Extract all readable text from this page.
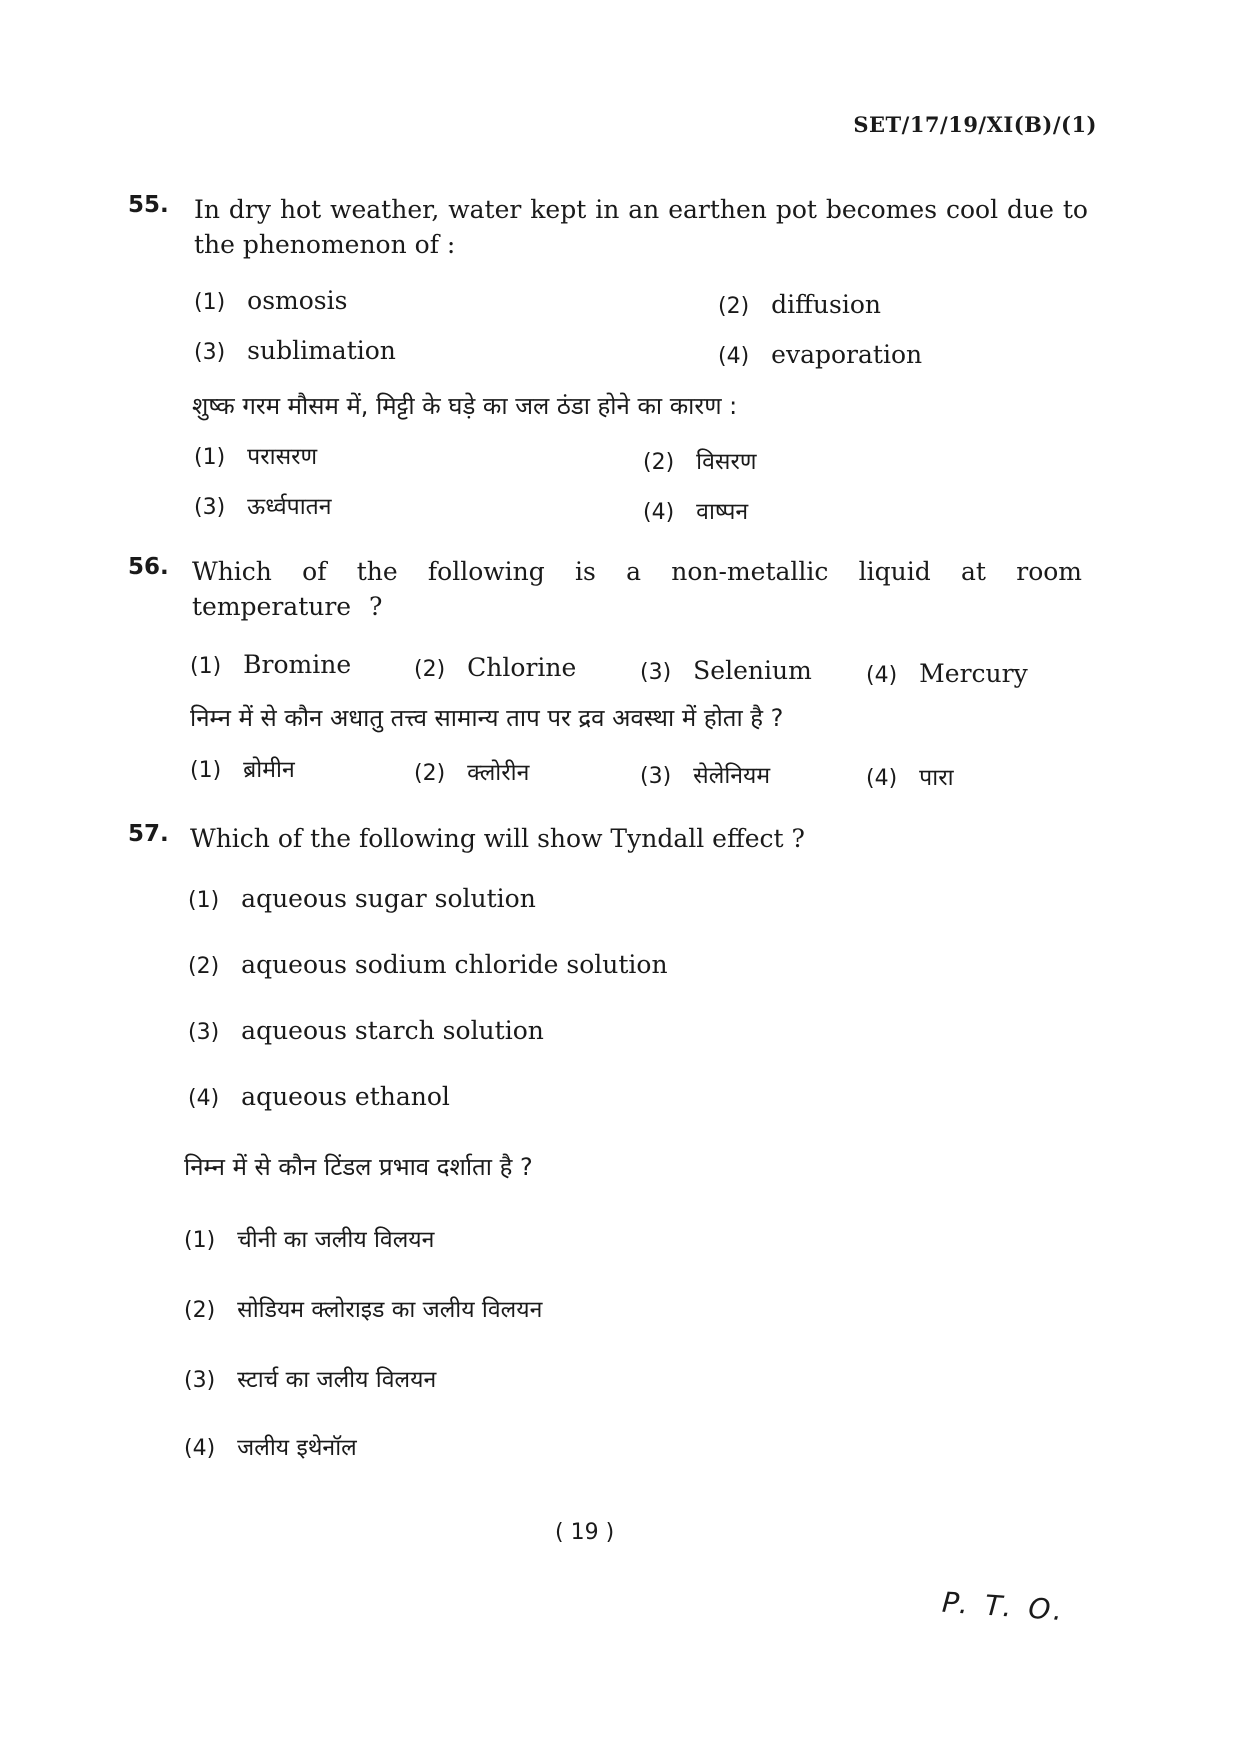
SET/17/19/XI(B)/(1)
55. In dry hot weather, water kept in an earthen pot becomes cool due to the phenomenon of :
(1) osmosis	(2) diffusion
(3) sublimation	(4) evaporation
शुष्क गरम मौसम में, मिट्टी के घड़े का जल ठंडा होने का कारण :
(1) परासरण	(2) विसरण
(3) ऊर्ध्वपातन	(4) वाष्पन
56. Which of the following is a non-metallic liquid at room temperature ?
(1) Bromine	(2) Chlorine	(3) Selenium (4) Mercury
निम्न में से कौन अधातु तत्त्व सामान्य ताप पर द्रव अवस्था में होता है ?
(1) ब्रोमीन	(2) क्लोरीन	(3) सेलेनियम	(4) पारा
57. Which of the following will show Tyndall effect ?
(1) aqueous sugar solution
(2) aqueous sodium chloride solution
(3) aqueous starch solution
(4) aqueous ethanol
निम्न में से कौन टिंडल प्रभाव दर्शाता है ?
(1) चीनी का जलीय विलयन
(2) सोडियम क्लोराइड का जलीय विलयन
(3) स्टार्च का जलीय विलयन
(4) जलीय इथेनॉल
( 19 )
P. T. O.
